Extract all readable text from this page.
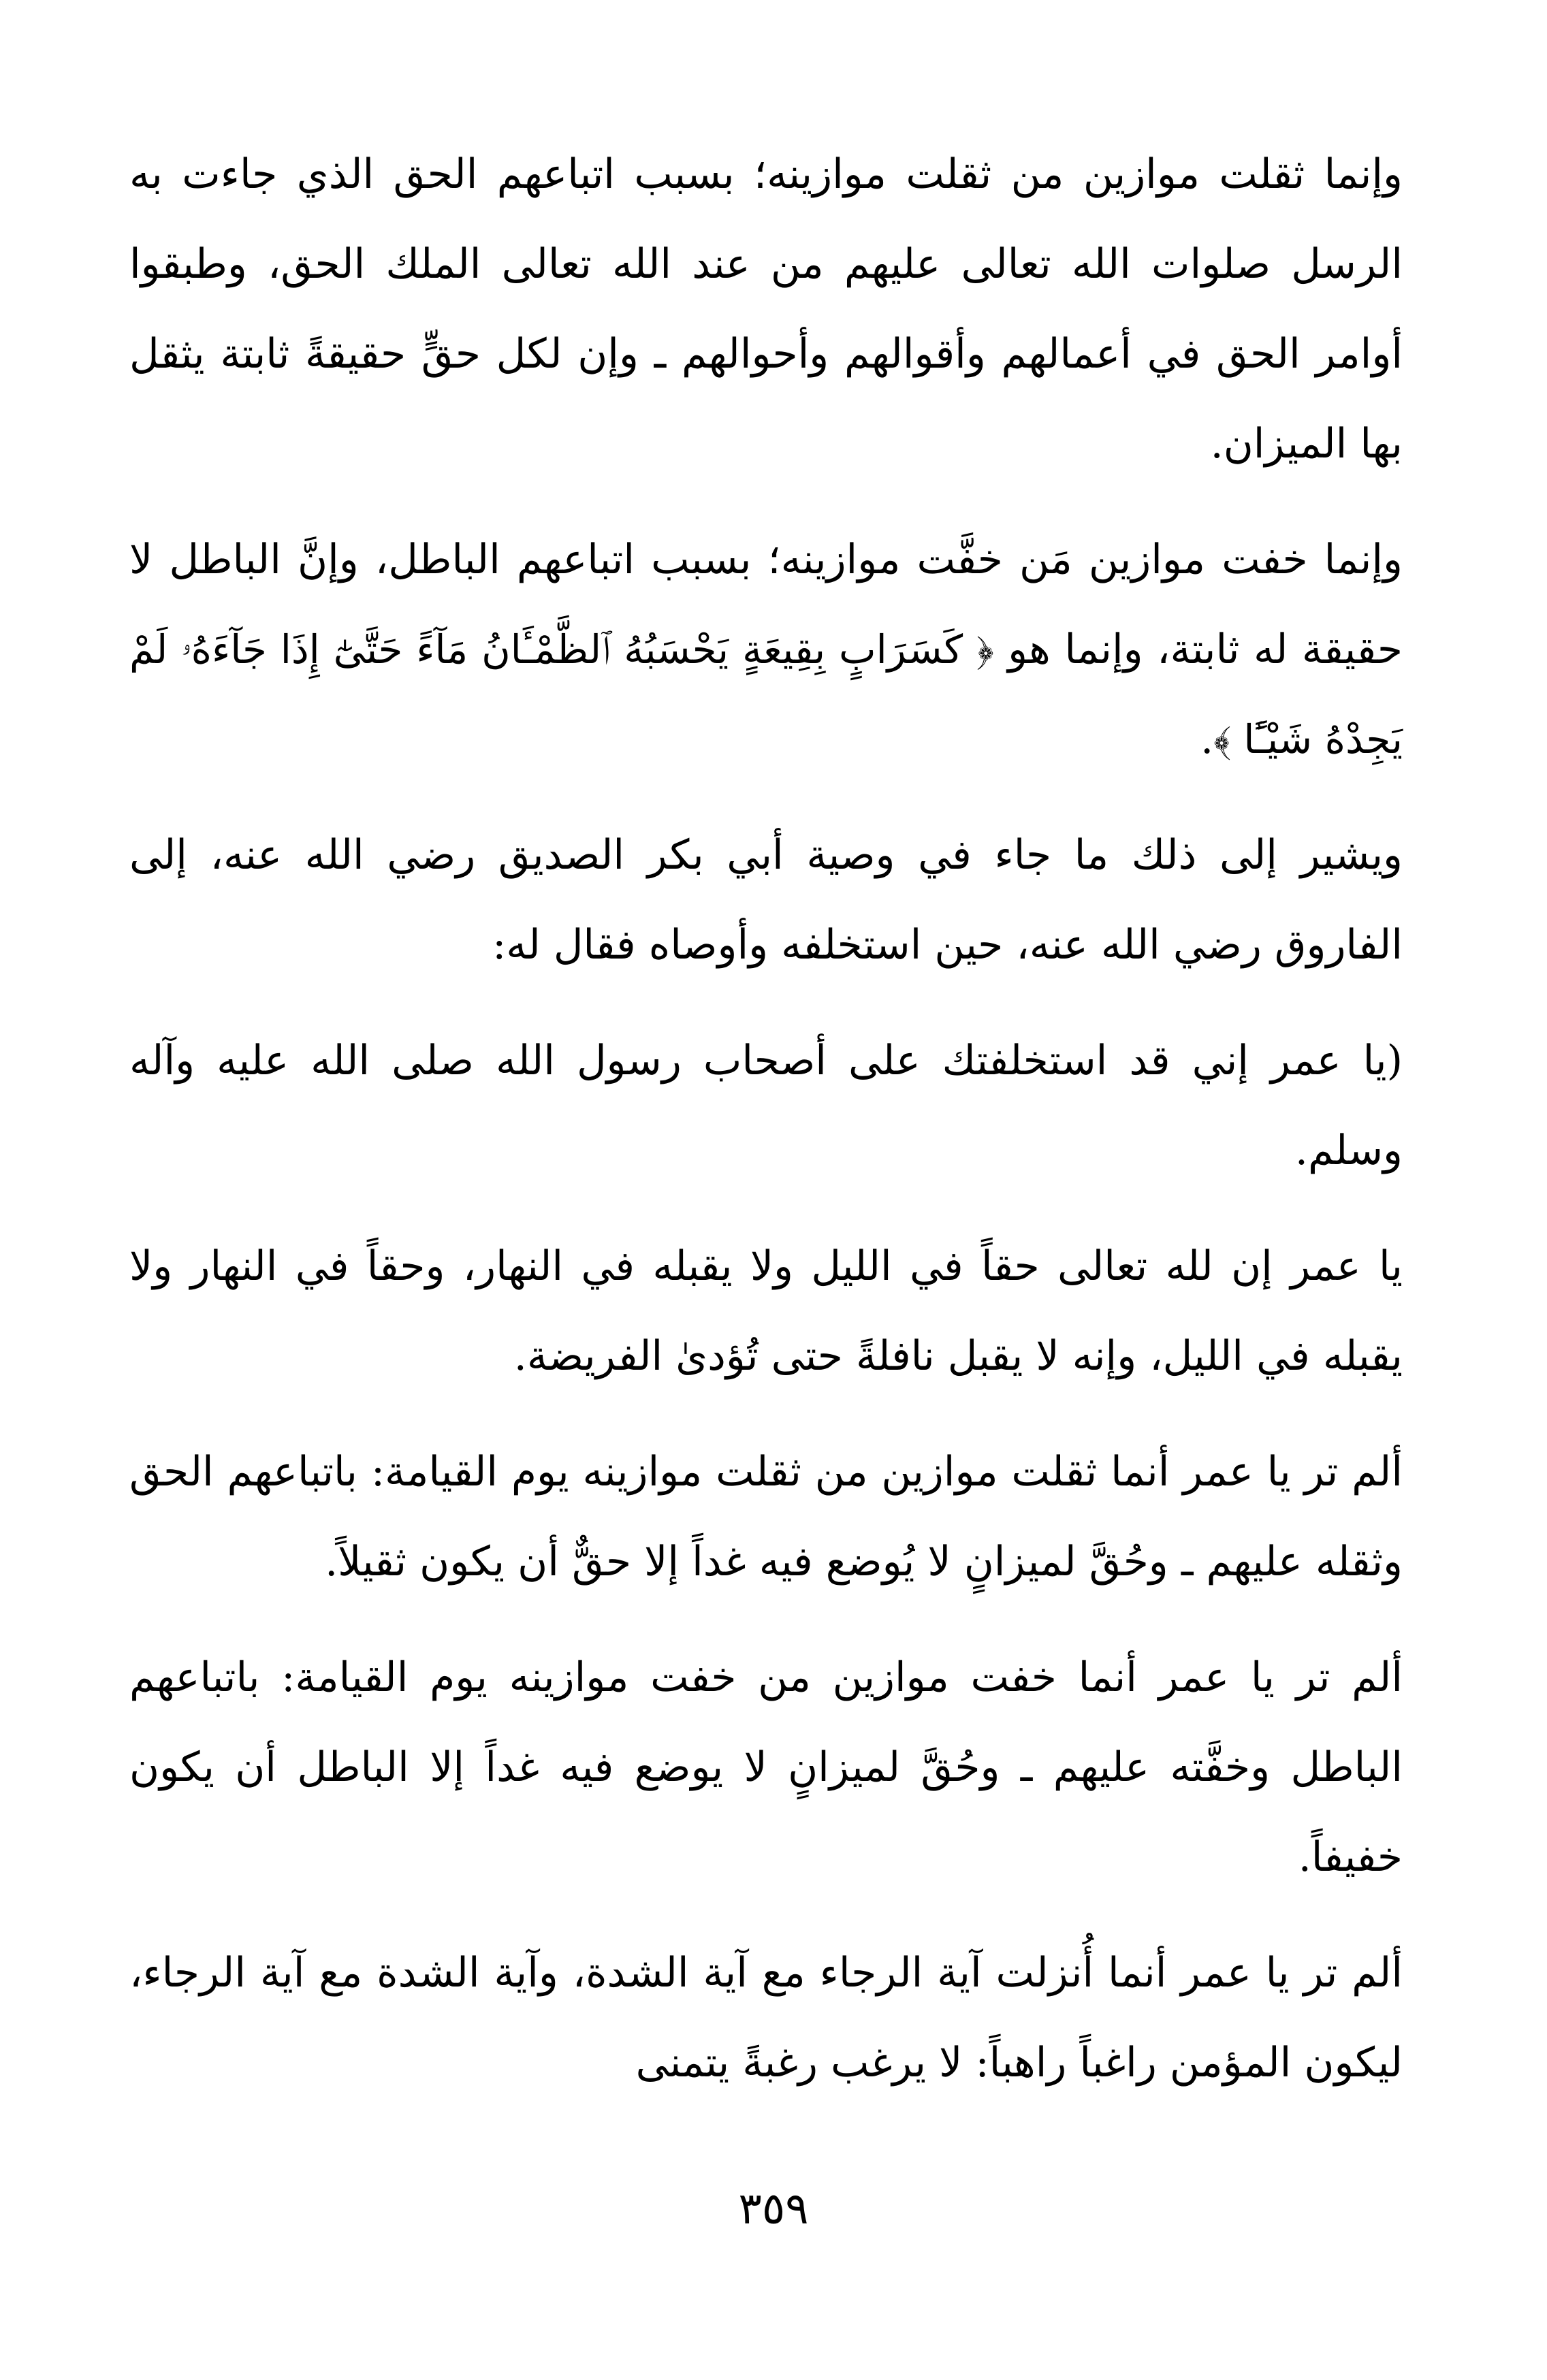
وإنما ثقلت موازين من ثقلت موازينه؛ بسبب اتباعهم الحق الذي جاءت به الرسل صلوات الله تعالى عليهم من عند الله تعالى الملك الحق، وطبقوا أوامر الحق في أعمالهم وأقوالهم وأحوالهم ـ وإن لكل حقٍّ حقيقةً ثابتة يثقل بها الميزان.

وإنما خفت موازين مَن خفَّت موازينه؛ بسبب اتباعهم الباطل، وإنَّ الباطل لا حقيقة له ثابتة، وإنما هو ﴿ كَسَرَابٍ بِقِيعَةٍ يَحْسَبُهُ ٱلظَّمْـَٔانُ مَآءً حَتَّىٰٓ إِذَا جَآءَهُۥ لَمْ يَجِدْهُ شَيْـًٔا ﴾.

ويشير إلى ذلك ما جاء في وصية أبي بكر الصديق رضي الله عنه، إلى الفاروق رضي الله عنه، حين استخلفه وأوصاه فقال له:

(يا عمر إني قد استخلفتك على أصحاب رسول الله صلى الله عليه وآله وسلم.

يا عمر إن لله تعالى حقاً في الليل ولا يقبله في النهار، وحقاً في النهار ولا يقبله في الليل، وإنه لا يقبل نافلةً حتى تُؤدىٰ الفريضة.

ألم تر يا عمر أنما ثقلت موازين من ثقلت موازينه يوم القيامة: باتباعهم الحق وثقله عليهم ـ وحُقَّ لميزانٍ لا يُوضع فيه غداً إلا حقٌّ أن يكون ثقيلاً.

ألم تر يا عمر أنما خفت موازين من خفت موازينه يوم القيامة: باتباعهم الباطل وخفَّته عليهم ـ وحُقَّ لميزانٍ لا يوضع فيه غداً إلا الباطل أن يكون خفيفاً.

ألم تر يا عمر أنما أُنزلت آية الرجاء مع آية الشدة، وآية الشدة مع آية الرجاء، ليكون المؤمن راغباً راهباً: لا يرغب رغبةً يتمنى

٣٥٩
